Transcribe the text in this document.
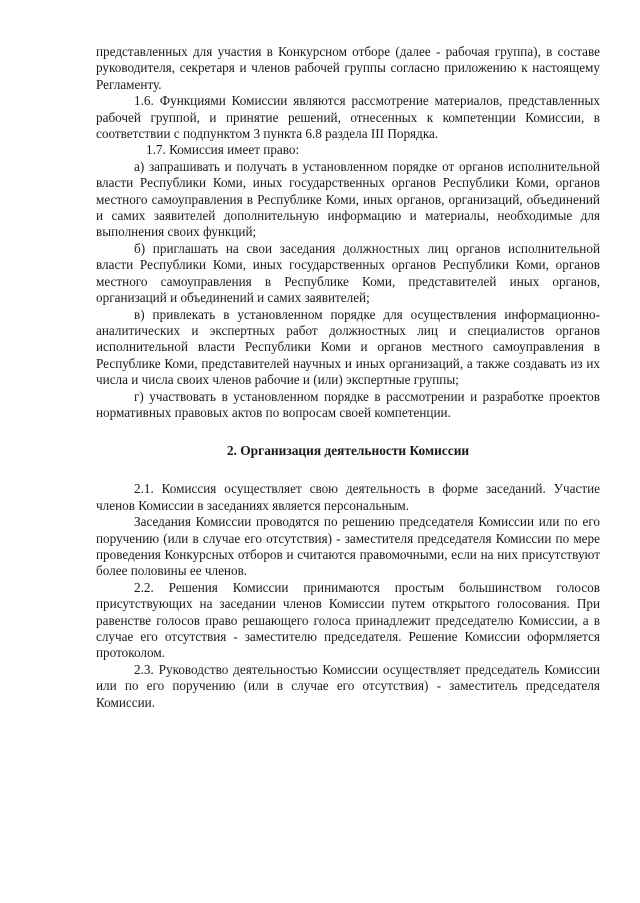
представленных для участия в Конкурсном отборе (далее - рабочая группа), в составе руководителя, секретаря и членов рабочей группы согласно приложению к настоящему Регламенту.

1.6. Функциями Комиссии являются рассмотрение материалов, представленных рабочей группой, и принятие решений, отнесенных к компетенции Комиссии, в соответствии с подпунктом 3 пункта 6.8 раздела III Порядка.

1.7. Комиссия имеет право:

а) запрашивать и получать в установленном порядке от органов исполнительной власти Республики Коми, иных государственных органов Республики Коми, органов местного самоуправления в Республике Коми, иных органов, организаций, объединений и самих заявителей дополнительную информацию и материалы, необходимые для выполнения своих функций;

б) приглашать на свои заседания должностных лиц органов исполнительной власти Республики Коми, иных государственных органов Республики Коми, органов местного самоуправления в Республике Коми, представителей иных органов, организаций и объединений и самих заявителей;

в) привлекать в установленном порядке для осуществления информационно-аналитических и экспертных работ должностных лиц и специалистов органов исполнительной власти Республики Коми и органов местного самоуправления в Республике Коми, представителей научных и иных организаций, а также создавать из их числа и числа своих членов рабочие и (или) экспертные группы;

г) участвовать в установленном порядке в рассмотрении и разработке проектов нормативных правовых актов по вопросам своей компетенции.

2. Организация деятельности Комиссии

2.1. Комиссия осуществляет свою деятельность в форме заседаний. Участие членов Комиссии в заседаниях является персональным.

Заседания Комиссии проводятся по решению председателя Комиссии или по его поручению (или в случае его отсутствия) - заместителя председателя Комиссии по мере проведения Конкурсных отборов и считаются правомочными, если на них присутствуют более половины ее членов.

2.2. Решения Комиссии принимаются простым большинством голосов присутствующих на заседании членов Комиссии путем открытого голосования. При равенстве голосов право решающего голоса принадлежит председателю Комиссии, а в случае его отсутствия - заместителю председателя. Решение Комиссии оформляется протоколом.

2.3. Руководство деятельностью Комиссии осуществляет председатель Комиссии или по его поручению (или в случае его отсутствия) - заместитель председателя Комиссии.
